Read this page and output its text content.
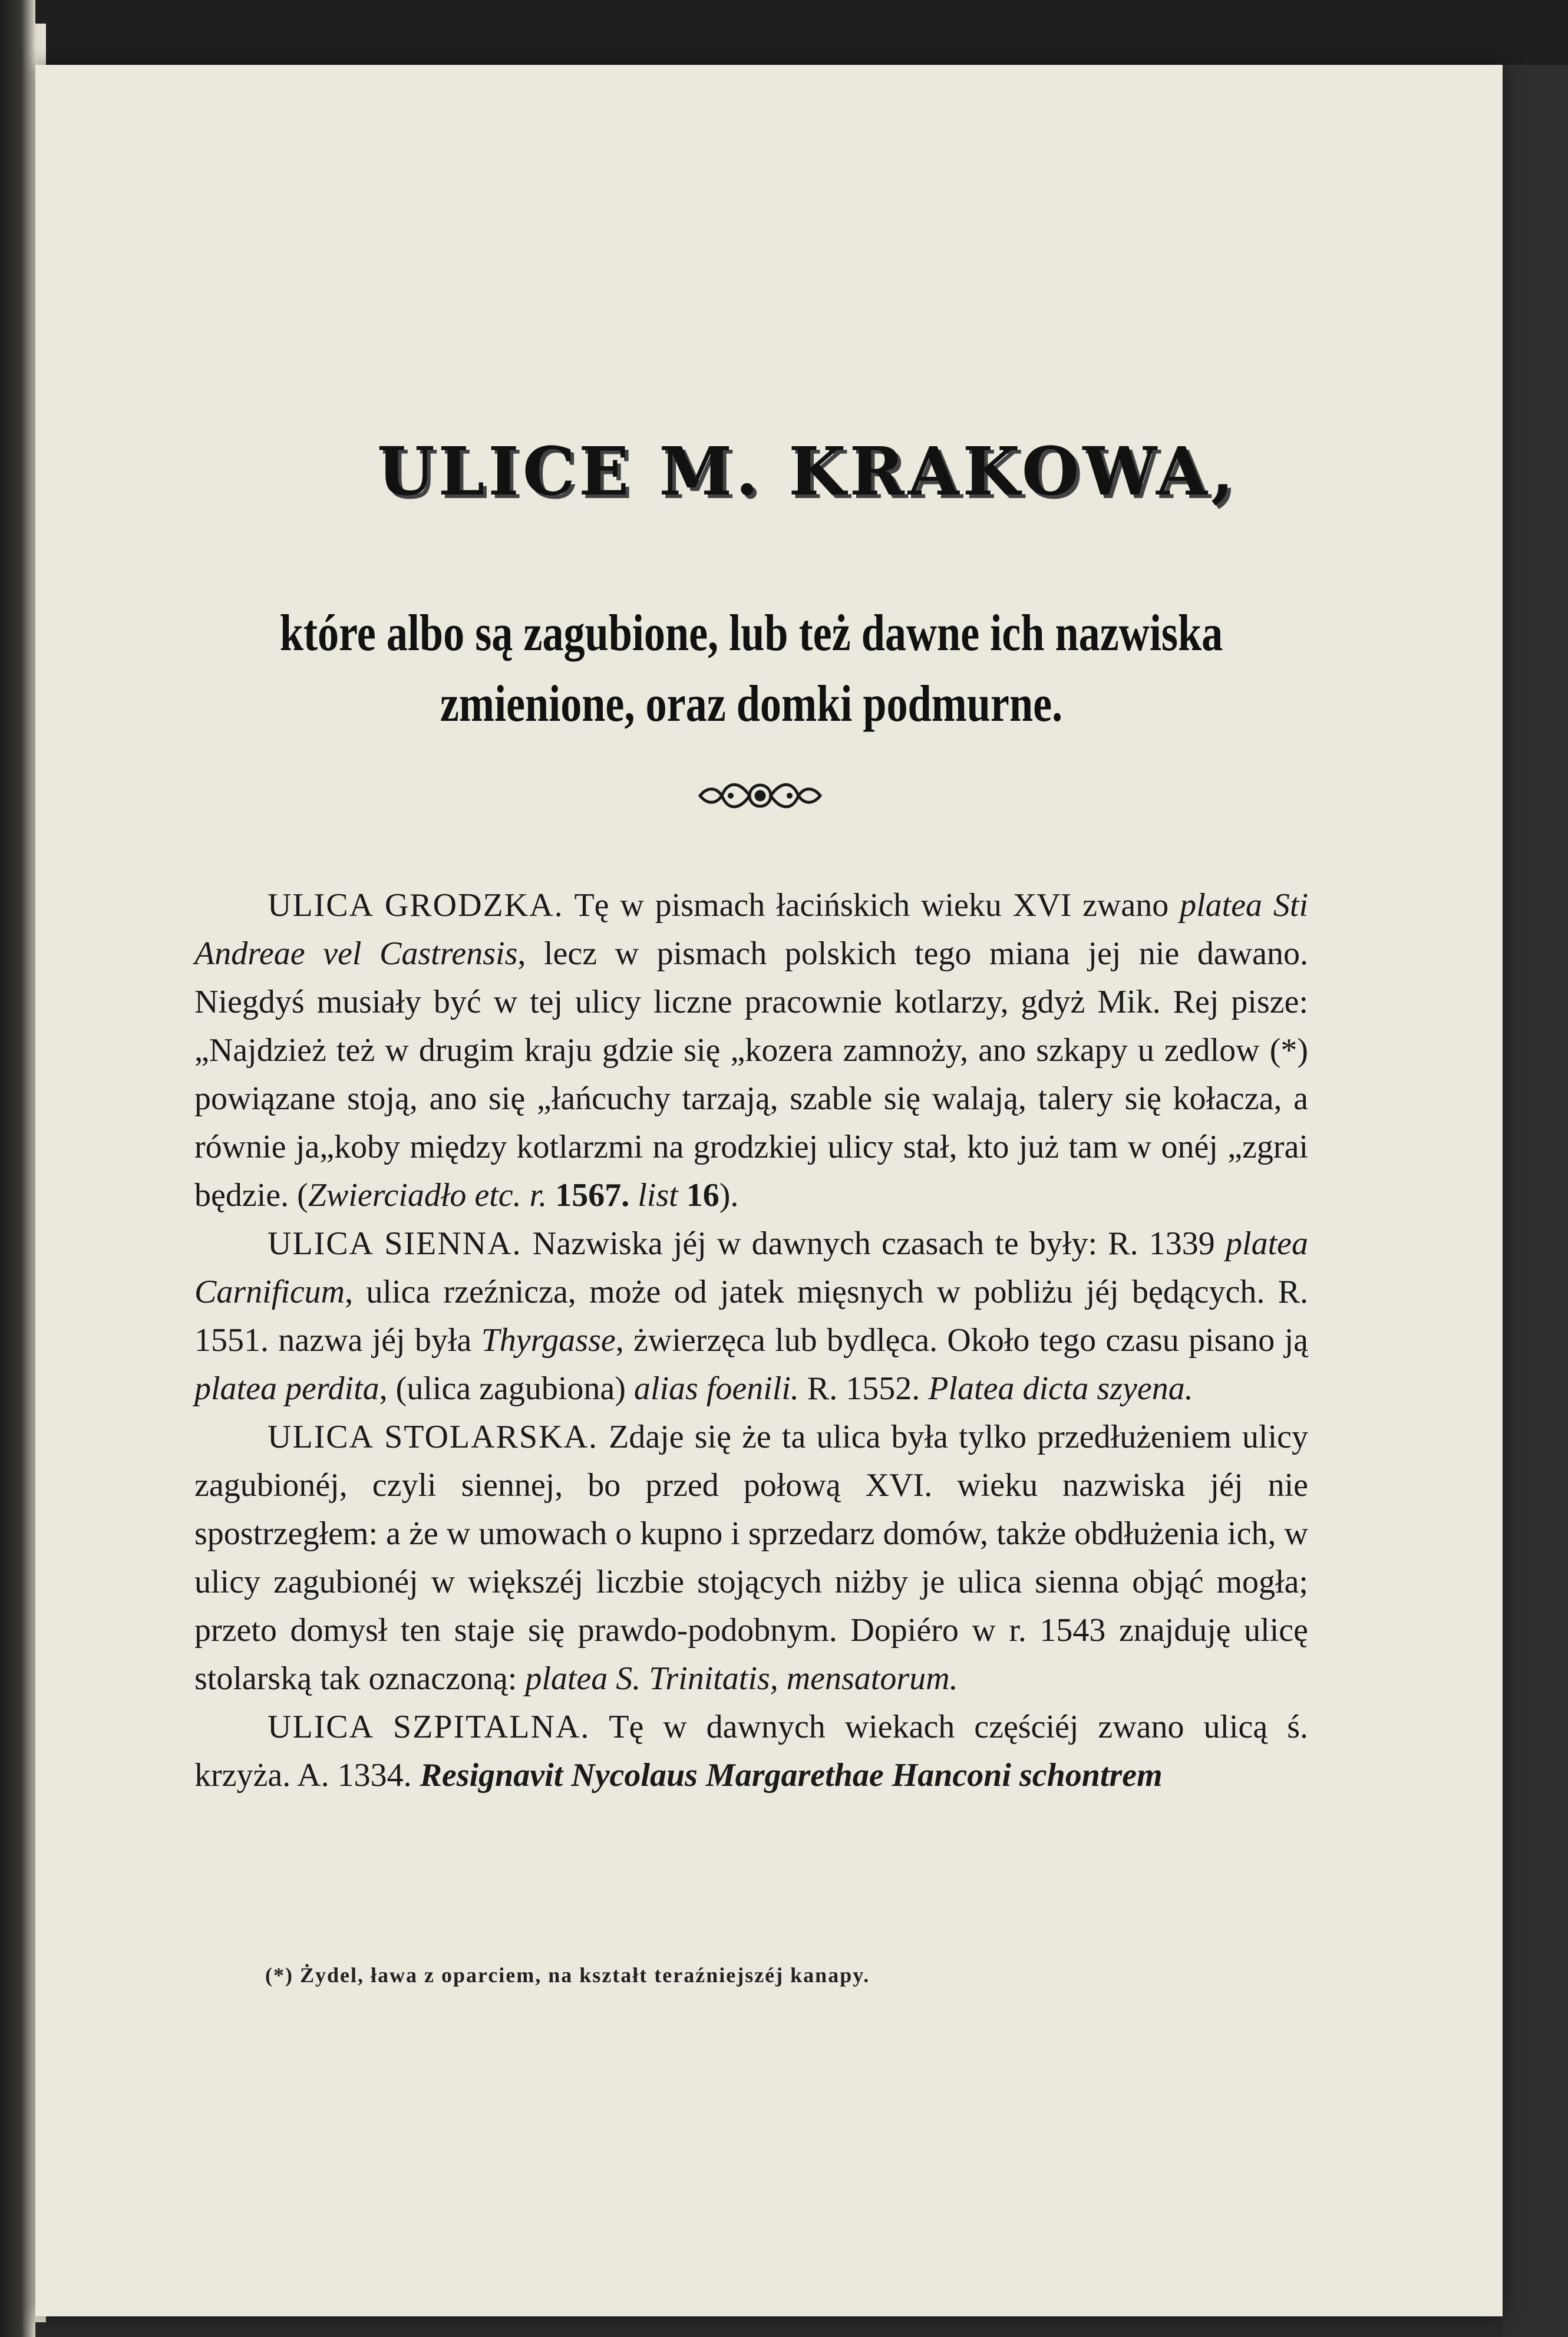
ULICE M. KRAKOWA,
które albo są zagubione, lub też dawne ich nazwiska
zmienione, oraz domki podmurne.

ULICA GRODZKA. Tę w pismach łacińskich wieku XVI zwano platea Sti Andreae vel Castrensis, lecz w pismach polskich tego miana jej nie dawano. Niegdyś musiały być w tej ulicy liczne pracownie kotlarzy, gdyż Mik. Rej pisze: „Najdzież też w drugim kraju gdzie się „kozera zamnoży, ano szkapy u zedlow (*) powiązane stoją, ano się „łańcuchy tarzają, szable się walają, talery się kołacza, a równie ja„koby między kotlarzmi na grodzkiej ulicy stał, kto już tam w onéj „zgrai będzie. (Zwierciadło etc. r. 1567. list 16).

ULICA SIENNA. Nazwiska jéj w dawnych czasach te były: R. 1339 platea Carnificum, ulica rzeźnicza, może od jatek mięsnych w pobliżu jéj będących. R. 1551. nazwa jéj była Thyrgasse, żwierzęca lub bydlęca. Około tego czasu pisano ją platea perdita, (ulica zagubiona) alias foenili. R. 1552. Platea dicta szyena.

ULICA STOLARSKA. Zdaje się że ta ulica była tylko przedłużeniem ulicy zagubionéj, czyli siennej, bo przed połową XVI. wieku nazwiska jéj nie spostrzegłem: a że w umowach o kupno i sprzedarz domów, także obdłużenia ich, w ulicy zagubionéj w większéj liczbie stojących niżby je ulica sienna objąć mogła; przeto domysł ten staje się prawdo-podobnym. Dopiéro w r. 1543 znajduję ulicę stolarską tak oznaczoną: platea S. Trinitatis, mensatorum.

ULICA SZPITALNA. Tę w dawnych wiekach częściéj zwano ulicą ś. krzyża. A. 1334. Resignavit Nycolaus Margarethae Hanconi schontrem

(*) Żydel, ława z oparciem, na kształt teraźniejszéj kanapy.
